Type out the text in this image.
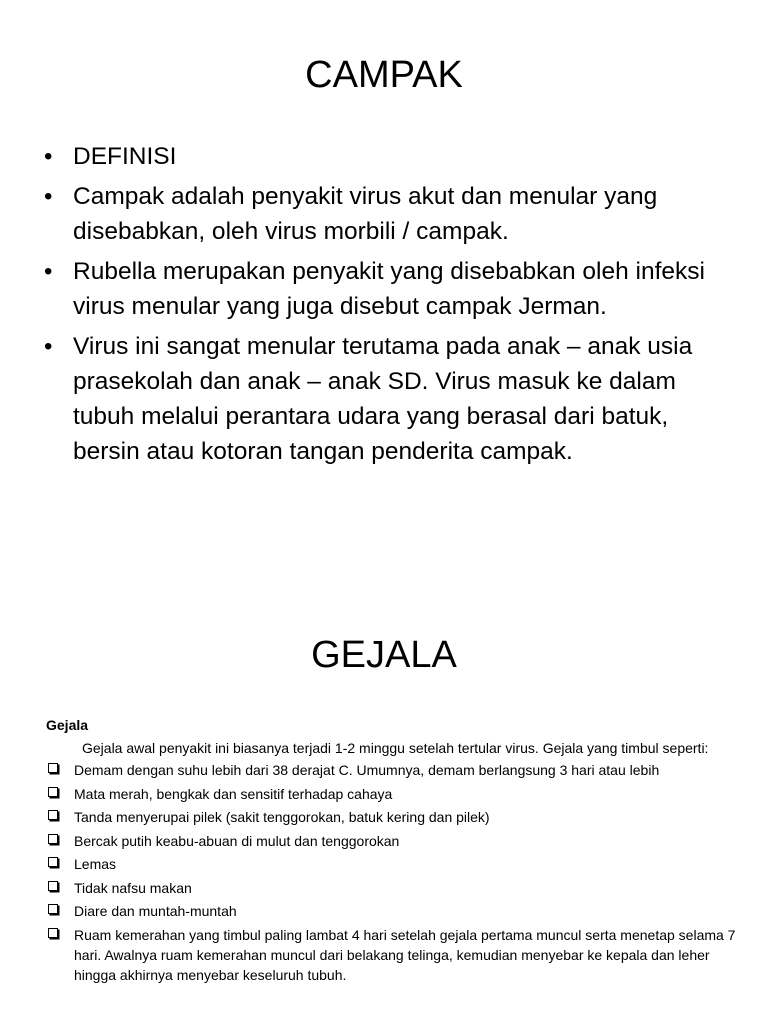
CAMPAK
• DEFINISI
• Campak adalah penyakit virus akut dan menular yang disebabkan, oleh virus morbili / campak.
• Rubella merupakan penyakit yang disebabkan oleh infeksi virus menular yang juga disebut campak Jerman.
• Virus ini sangat menular terutama pada anak – anak usia prasekolah dan anak – anak SD. Virus masuk ke dalam tubuh melalui perantara udara yang berasal dari batuk, bersin atau kotoran tangan penderita campak.
GEJALA

Gejala

Gejala awal penyakit ini biasanya terjadi 1-2 minggu setelah tertular virus. Gejala yang timbul seperti:

Demam dengan suhu lebih dari 38 derajat C. Umumnya, demam berlangsung 3 hari atau lebih
Mata merah, bengkak dan sensitif terhadap cahaya
Tanda menyerupai pilek (sakit tenggorokan, batuk kering dan pilek)
Bercak putih keabu-abuan di mulut dan tenggorokan
Lemas
Tidak nafsu makan
Diare dan muntah-muntah
Ruam kemerahan yang timbul paling lambat 4 hari setelah gejala pertama muncul serta menetap selama 7 hari. Awalnya ruam kemerahan muncul dari belakang telinga, kemudian menyebar ke kepala dan leher hingga akhirnya menyebar keseluruh tubuh.
